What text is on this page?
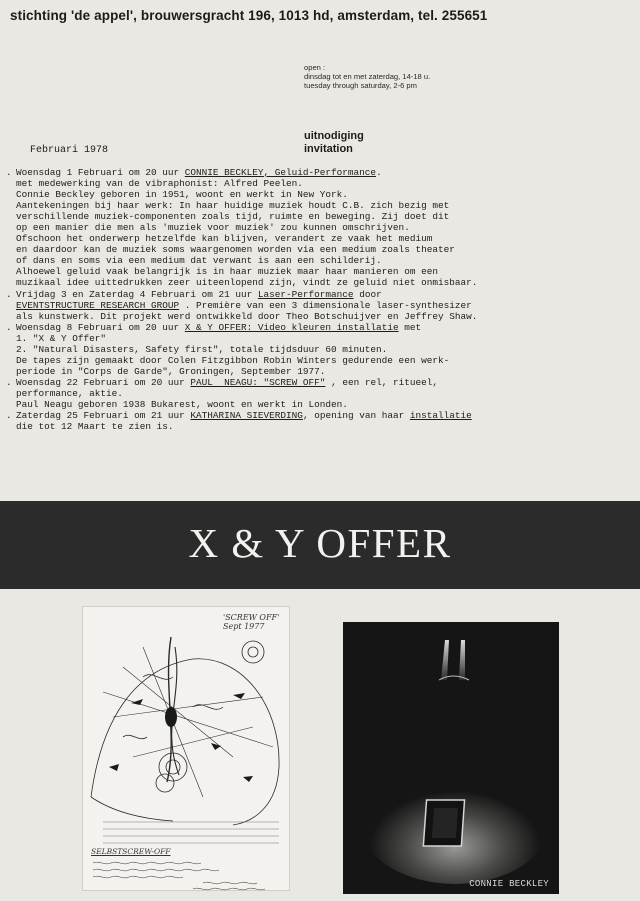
stichting 'de appel', brouwersgracht 196, 1013 hd, amsterdam, tel. 255651
open :
dinsdag tot en met zaterdag, 14-18 u.
tuesday through saturday, 2-6 pm
uitnodiging
invitation
Februari 1978
. Woensdag 1 Februari om 20 uur CONNIE BECKLEY, Geluid-Performance.
met medewerking van de vibraphonist: Alfred Peelen.
Connie Beckley geboren in 1951, woont en werkt in New York.
Aantekeningen bij haar werk: In haar huidige muziek houdt C.B. zich bezig met
verschillende muziek-componenten zoals tijd, ruimte en beweging. Zij doet dit
op een manier die men als 'muziek voor muziek' zou kunnen omschrijven.
Ofschoon het onderwerp hetzelfde kan blijven, verandert ze vaak het medium
en daardoor kan de muziek soms waargenomen worden via een medium zoals theater
of dans en soms via een medium dat verwant is aan een schilderij.
Alhoewel geluid vaak belangrijk is in haar muziek maar haar manieren om een
muzikaal idee uittedrukken zeer uiteenlopend zijn, vindt ze geluid niet onmisbaar.
. Vrijdag 3 en Zaterdag 4 Februari om 21 uur Laser-Performance door
EVENTSTRUCTURE RESEARCH GROUP . Première van een 3 dimensionale laser-synthesizer
als kunstwerk. Dit projekt werd ontwikkeld door Theo Botschuijver en Jeffrey Shaw.
. Woensdag 8 Februari om 20 uur X & Y OFFER: Video kleuren installatie met
1. "X & Y Offer"
2. "Natural Disasters, Safety first", totale tijdsduur 60 minuten.
De tapes zijn gemaakt door Colen Fitzgibbon Robin Winters gedurende een werk-
periode in "Corps de Garde", Groningen, September 1977.
. Woensdag 22 Februari om 20 uur PAUL  NEAGU: "SCREW OFF" , een rel, ritueel,
performance, aktie.
Paul Neagu geboren 1938 Bukarest, woont en werkt in Londen.
. Zaterdag 25 Februari om 21 uur KATHARINA SIEVERDING, opening van haar installatie
die tot 12 Maart te zien is.
X & Y OFFER
'SCREW OFF' Sept 1977
SELBSTSCREW-OFF
CONNIE BECKLEY
